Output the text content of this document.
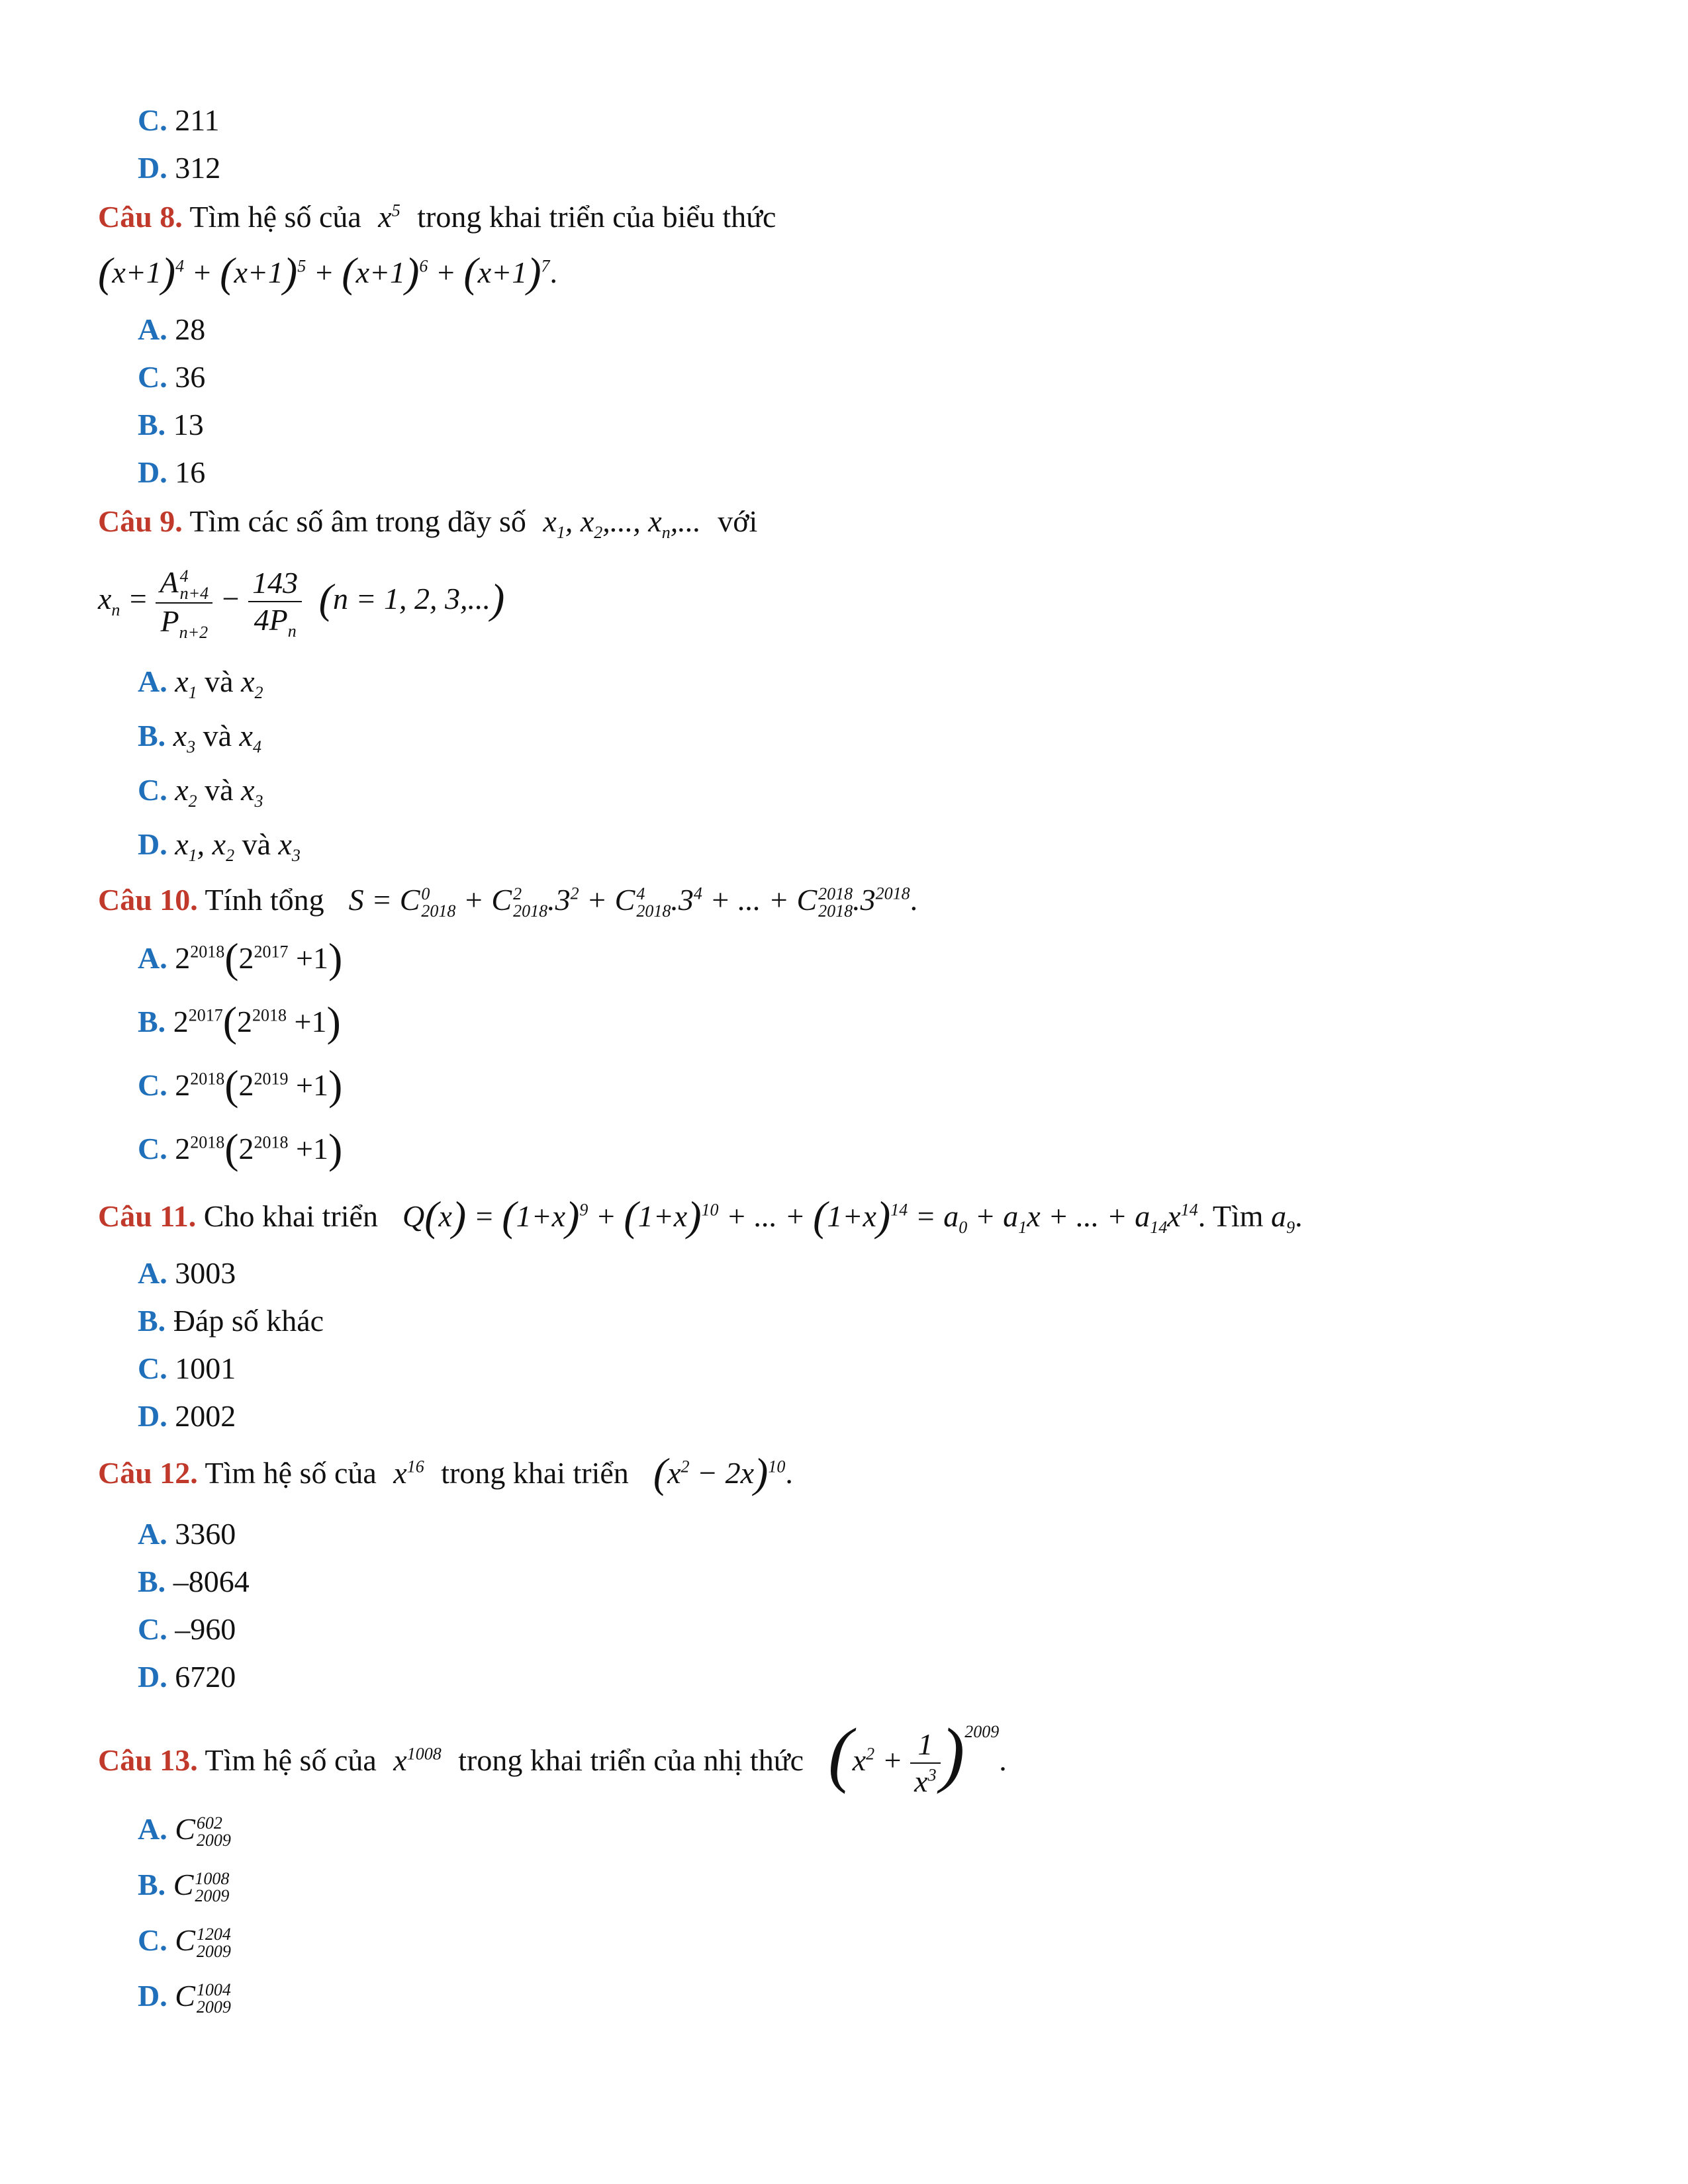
C. 211
D. 312
Câu 8. Tìm hệ số của $x^5$ trong khai triển của biểu thức
$(x+1)^4 + (x+1)^5 + (x+1)^6 + (x+1)^7$.
A. 28
C. 36
B. 13
D. 16
Câu 9. Tìm các số âm trong dãy số $x_1$, $x_2$,..., $x_n$,... với
$x_n = A$ 4
n+4
$P_{n+2} - \frac{143}{4P_n} (n = 1$, 2, 3,...)
A. $x_1$ và $x_2$
B. $x_3$ và $x_4$
C. $x_2$ và $x_3$
D. $x_1$, $x_2$ và $x_3$
Câu 10. Tính tổng S = C 0
2018 + C 2
2018 $.3^2 + C$ 4
2018 $.3^4$ + ... + C 2018
2018 $.3^{2018}$.
A. $2^{2018}(2^{2017} +1)$
B. $2^{2017}(2^{2018} +1)$
C. $2^{2018}(2^{2019} +1)$
C. $2^{2018}(2^{2018} +1)$
Câu 11. Cho khai triển $Q(x) = (1+x)^9 + (1+x)^{10}$ + ... + $(1+x)^{14} = a_0 + a_1x$ + ... + $a_{14}x^{14}$. Tìm $a_9$.
A. 3003
B. Đáp số khác
C. 1001
D. 2002
Câu 12. Tìm hệ số của $x^{16}$ trong khai triển $(x^2 - 2x)^{10}$.
A. 3360
B. –8064
C. –960
D. 6720
Câu 13. Tìm hệ số của $x^{1008}$ trong khai triển của nhị thức $(x^2 + \frac{1}{x^3} )^{2009}$.
A. C 602
2009
B. C 1008
2009
C. C 1204
2009
D. C 1004
2009
